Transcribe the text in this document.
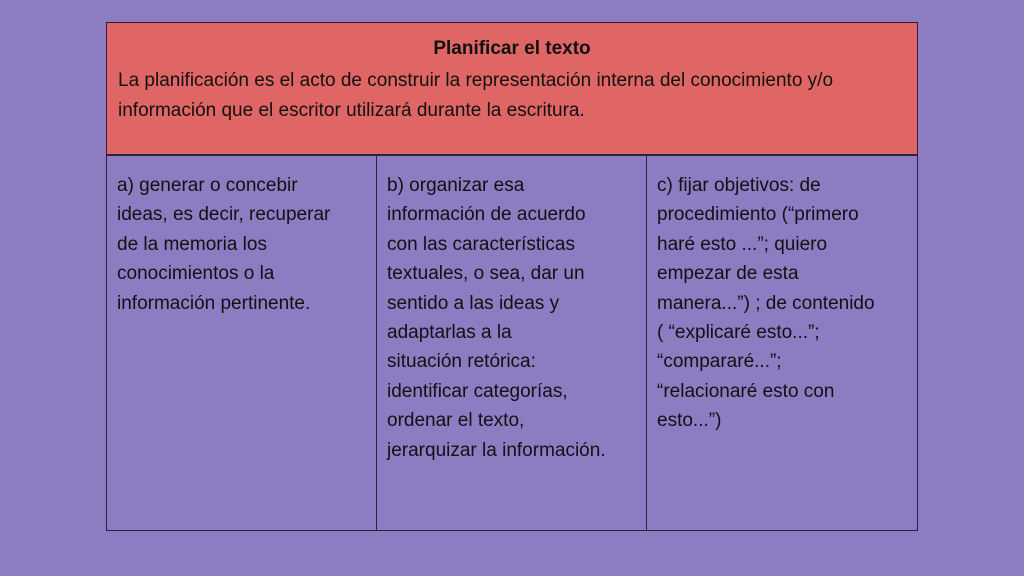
Planificar el texto
La planificación es el acto de construir la representación interna del conocimiento y/o información que el escritor utilizará durante la escritura.
a) generar o concebir
ideas, es decir, recuperar
de la memoria los
conocimientos o la
información pertinente.
b) organizar esa
información de acuerdo
con las características
textuales, o sea, dar un
sentido a las ideas y
adaptarlas a la
situación retórica:
identificar categorías,
ordenar el texto,
jerarquizar la información.
c) fijar objetivos: de
procedimiento (“primero
haré esto ...”; quiero
empezar de esta
manera...”) ; de contenido
( “explicaré esto...”;
“compararé...”;
“relacionaré esto con
esto...”)
